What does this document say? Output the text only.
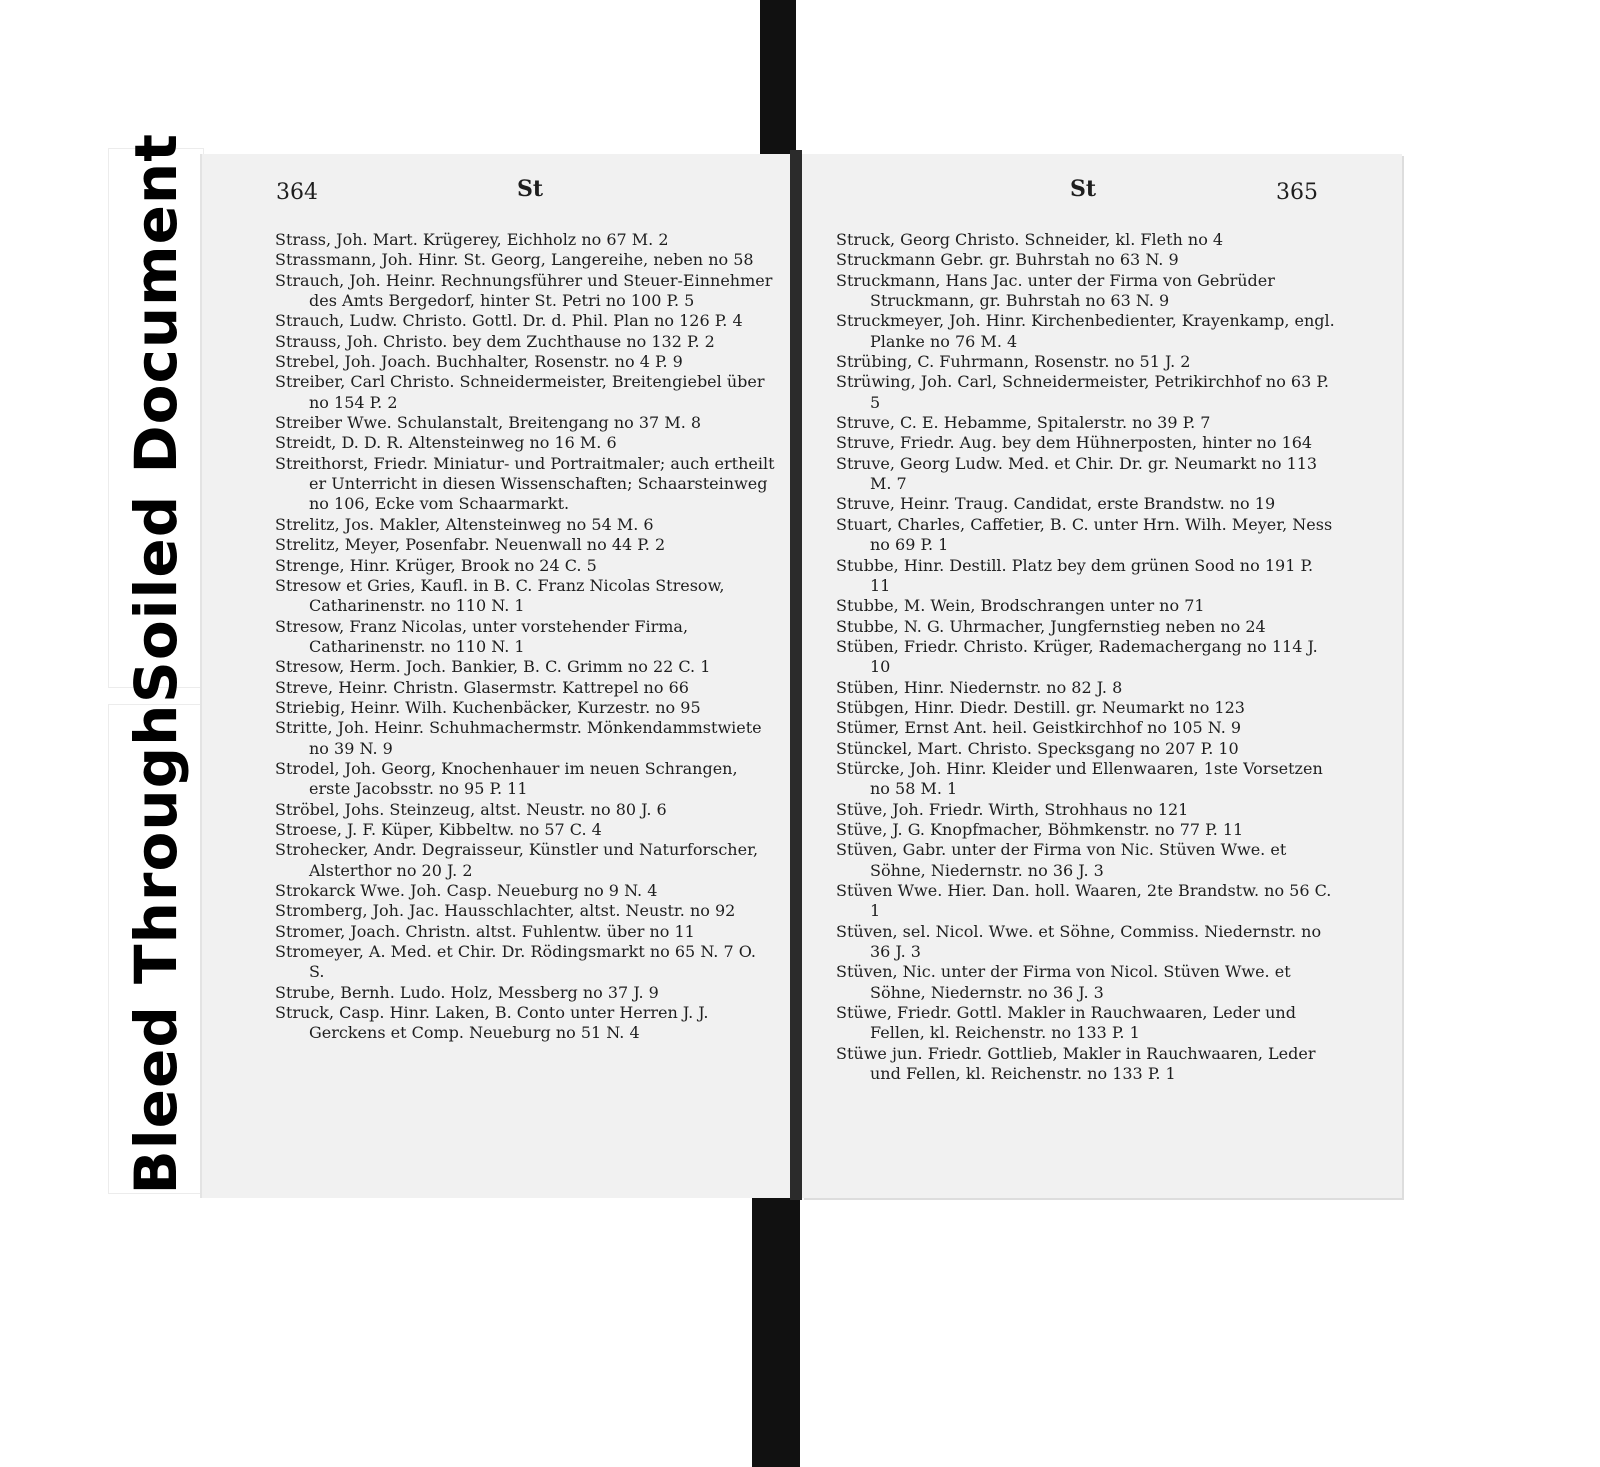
Soiled Document
Bleed Through
364	St
Strass, Joh. Mart. Krügerey, Eichholz no 67 M. 2
Strassmann, Joh. Hinr. St. Georg, Langereihe, neben no 58
Strauch, Joh. Heinr. Rechnungsführer und Steuer-Einnehmer des Amts Bergedorf, hinter St. Petri no 100 P. 5
Strauch, Ludw. Christo. Gottl. Dr. d. Phil. Plan no 126 P. 4
Strauss, Joh. Christo. bey dem Zuchthause no 132 P. 2
Strebel, Joh. Joach. Buchhalter, Rosenstr. no 4 P. 9
Streiber, Carl Christo. Schneidermeister, Breitengiebel über no 154 P. 2
Streiber Wwe. Schulanstalt, Breitengang no 37 M. 8
Streidt, D. D. R. Altensteinweg no 16 M. 6
Streithorst, Friedr. Miniatur- und Portraitmaler; auch ertheilt er Unterricht in diesen Wissenschaften; Schaarsteinweg no 106, Ecke vom Schaarmarkt.
Strelitz, Jos. Makler, Altensteinweg no 54 M. 6
Strelitz, Meyer, Posenfabr. Neuenwall no 44 P. 2
Strenge, Hinr. Krüger, Brook no 24 C. 5
Stresow et Gries, Kaufl. in B. C. Franz Nicolas Stresow, Catharinenstr. no 110 N. 1
Stresow, Franz Nicolas, unter vorstehender Firma, Catharinenstr. no 110 N. 1
Stresow, Herm. Joch. Bankier, B. C. Grimm no 22 C. 1
Streve, Heinr. Christn. Glasermstr. Kattrepel no 66
Striebig, Heinr. Wilh. Kuchenbäcker, Kurzestr. no 95
Stritte, Joh. Heinr. Schuhmachermstr. Mönkendammstwiete no 39 N. 9
Strodel, Joh. Georg, Knochenhauer im neuen Schrangen, erste Jacobsstr. no 95 P. 11
Ströbel, Johs. Steinzeug, altst. Neustr. no 80 J. 6
Stroese, J. F. Küper, Kibbeltw. no 57 C. 4
Strohecker, Andr. Degraisseur, Künstler und Naturforscher, Alsterthor no 20 J. 2
Strokarck Wwe. Joh. Casp. Neueburg no 9 N. 4
Stromberg, Joh. Jac. Hausschlachter, altst. Neustr. no 92
Stromer, Joach. Christn. altst. Fuhlentw. über no 11
Stromeyer, A. Med. et Chir. Dr. Rödingsmarkt no 65 N. 7 O. S.
Strube, Bernh. Ludo. Holz, Messberg no 37 J. 9
Struck, Casp. Hinr. Laken, B. Conto unter Herren J. J. Gerckens et Comp. Neueburg no 51 N. 4
St	365
Struck, Georg Christo. Schneider, kl. Fleth no 4
Struckmann Gebr. gr. Buhrstah no 63 N. 9
Struckmann, Hans Jac. unter der Firma von Gebrüder Struckmann, gr. Buhrstah no 63 N. 9
Struckmeyer, Joh. Hinr. Kirchenbedienter, Krayenkamp, engl. Planke no 76 M. 4
Strübing, C. Fuhrmann, Rosenstr. no 51 J. 2
Strüwing, Joh. Carl, Schneidermeister, Petrikirchhof no 63 P. 5
Struve, C. E. Hebamme, Spitalerstr. no 39 P. 7
Struve, Friedr. Aug. bey dem Hühnerposten, hinter no 164
Struve, Georg Ludw. Med. et Chir. Dr. gr. Neumarkt no 113 M. 7
Struve, Heinr. Traug. Candidat, erste Brandstw. no 19
Stuart, Charles, Caffetier, B. C. unter Hrn. Wilh. Meyer, Ness no 69 P. 1
Stubbe, Hinr. Destill. Platz bey dem grünen Sood no 191 P. 11
Stubbe, M. Wein, Brodschrangen unter no 71
Stubbe, N. G. Uhrmacher, Jungfernstieg neben no 24
Stüben, Friedr. Christo. Krüger, Rademachergang no 114 J. 10
Stüben, Hinr. Niedernstr. no 82 J. 8
Stübgen, Hinr. Diedr. Destill. gr. Neumarkt no 123
Stümer, Ernst Ant. heil. Geistkirchhof no 105 N. 9
Stünckel, Mart. Christo. Specksgang no 207 P. 10
Stürcke, Joh. Hinr. Kleider und Ellenwaaren, 1ste Vorsetzen no 58 M. 1
Stüve, Joh. Friedr. Wirth, Strohhaus no 121
Stüve, J. G. Knopfmacher, Böhmkenstr. no 77 P. 11
Stüven, Gabr. unter der Firma von Nic. Stüven Wwe. et Söhne, Niedernstr. no 36 J. 3
Stüven Wwe. Hier. Dan. holl. Waaren, 2te Brandstw. no 56 C. 1
Stüven, sel. Nicol. Wwe. et Söhne, Commiss. Niedernstr. no 36 J. 3
Stüven, Nic. unter der Firma von Nicol. Stüven Wwe. et Söhne, Niedernstr. no 36 J. 3
Stüwe, Friedr. Gottl. Makler in Rauchwaaren, Leder und Fellen, kl. Reichenstr. no 133 P. 1
Stüwe jun. Friedr. Gottlieb, Makler in Rauchwaaren, Leder und Fellen, kl. Reichenstr. no 133 P. 1
